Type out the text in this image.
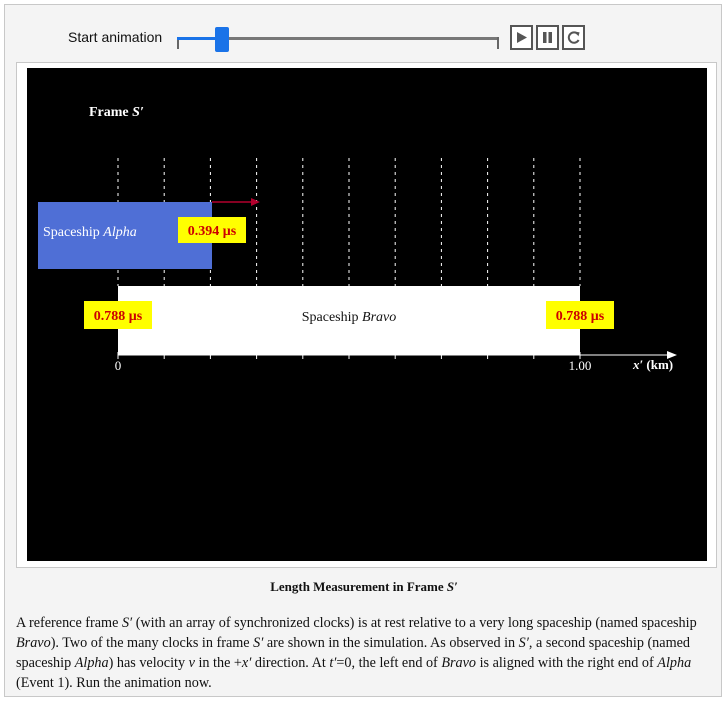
Start animation
Frame S′
Spaceship Bravo
Spaceship Alpha	0.394 μs
0.788 μs	0.788 μs
0	1.00	x′ (km)
Length Measurement in Frame S′
A reference frame S′ (with an array of synchronized clocks) is at rest relative to a very long spaceship (named spaceship Bravo). Two of the many clocks in frame S′ are shown in the simulation. As observed in S′, a second spaceship (named spaceship Alpha) has velocity v in the +x′ direction. At t′=0, the left end of Bravo is aligned with the right end of Alpha (Event 1). Run the animation now.
